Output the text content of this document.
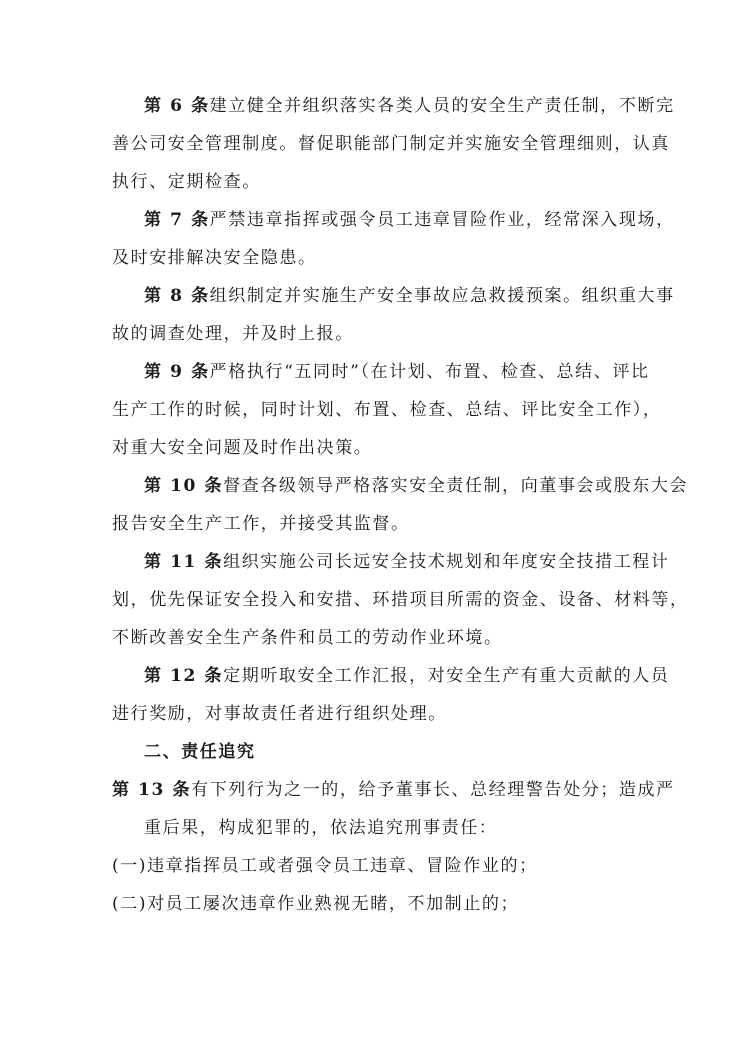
第 6 条建立健全并组织落实各类人员的安全生产责任制，不断完
善公司安全管理制度。督促职能部门制定并实施安全管理细则，认真
执行、定期检查。
第 7 条严禁违章指挥或强令员工违章冒险作业，经常深入现场，
及时安排解决安全隐患。
第 8 条组织制定并实施生产安全事故应急救援预案。组织重大事
故的调查处理，并及时上报。
第 9 条严格执行“五同时”（在计划、布置、检查、总结、评比
生产工作的时候，同时计划、布置、检查、总结、评比安全工作），
对重大安全问题及时作出决策。
第 10 条督查各级领导严格落实安全责任制，向董事会或股东大会
报告安全生产工作，并接受其监督。
第 11 条组织实施公司长远安全技术规划和年度安全技措工程计
划，优先保证安全投入和安措、环措项目所需的资金、设备、材料等，
不断改善安全生产条件和员工的劳动作业环境。
第 12 条定期听取安全工作汇报，对安全生产有重大贡献的人员
进行奖励，对事故责任者进行组织处理。
二、责任追究
第 13 条有下列行为之一的，给予董事长、总经理警告处分；造成严
重后果，构成犯罪的，依法追究刑事责任：
(一)违章指挥员工或者强令员工违章、冒险作业的；
(二)对员工屡次违章作业熟视无睹，不加制止的；
